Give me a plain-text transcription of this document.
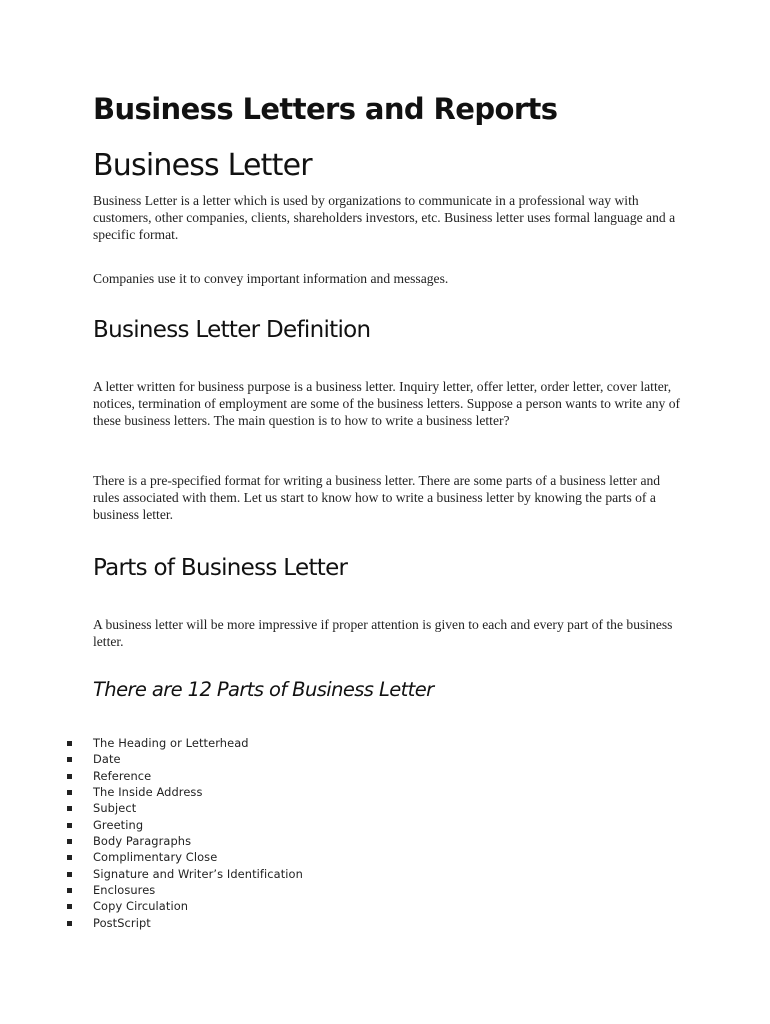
Business Letters and Reports
Business Letter

Business Letter is a letter which is used by organizations to communicate in a professional way with customers, other companies, clients, shareholders investors, etc. Business letter uses formal language and a specific format.

Companies use it to convey important information and messages.

Business Letter Definition

A letter written for business purpose is a business letter. Inquiry letter, offer letter, order letter, cover latter, notices, termination of employment are some of the business letters. Suppose a person wants to write any of these business letters. The main question is to how to write a business letter?

There is a pre-specified format for writing a business letter. There are some parts of a business letter and rules associated with them. Let us start to know how to write a business letter by knowing the parts of a business letter.

Parts of Business Letter

A business letter will be more impressive if proper attention is given to each and every part of the business letter.

There are 12 Parts of Business Letter
The Heading or Letterhead
Date
Reference
The Inside Address
Subject
Greeting
Body Paragraphs
Complimentary Close
Signature and Writer’s Identification
Enclosures
Copy Circulation
PostScript
